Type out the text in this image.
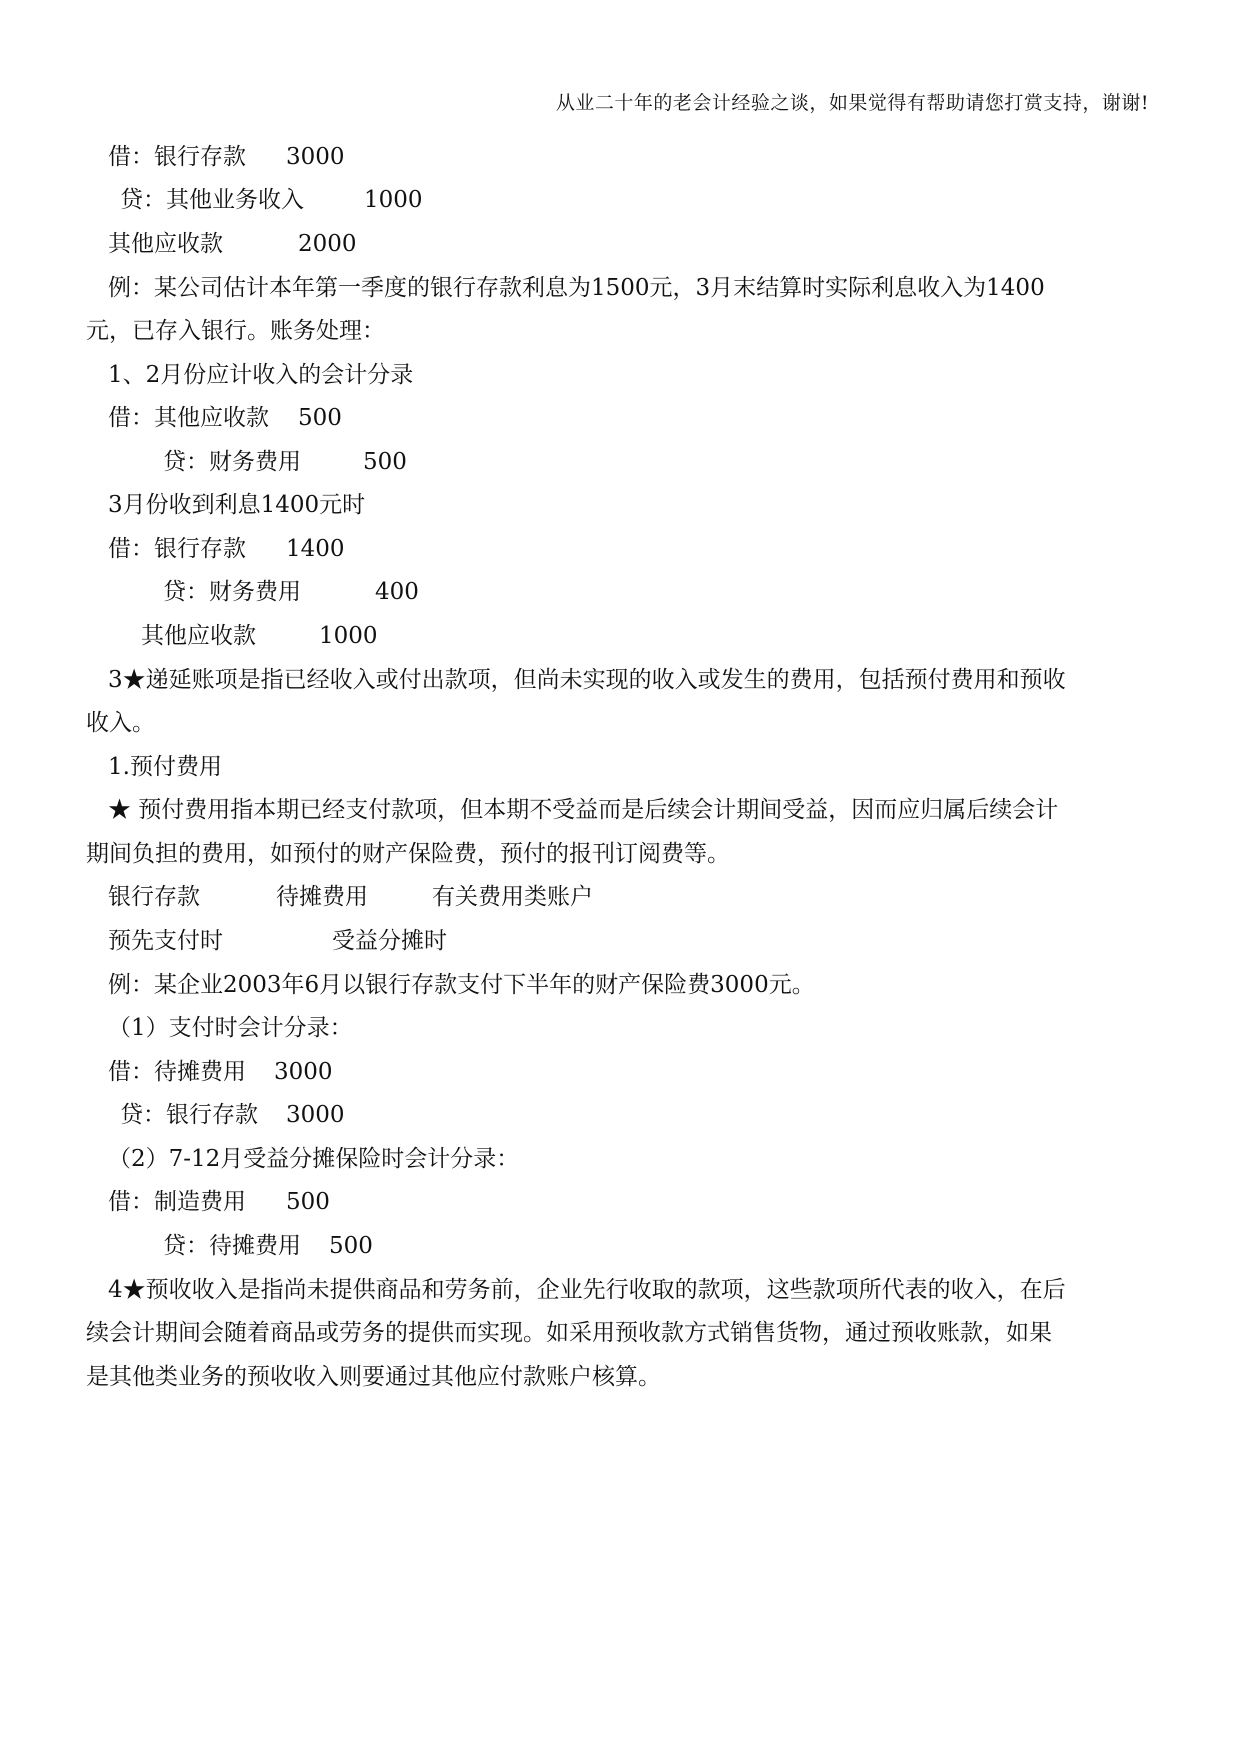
从业二十年的老会计经验之谈，如果觉得有帮助请您打赏支持，谢谢!
借：银行存款 3000
贷：其他业务收入	1000
其他应收款	2000
例：某公司估计本年第一季度的银行存款利息为1500元，3月末结算时实际利息收入为1400
元，已存入银行。账务处理：
1、2月份应计收入的会计分录
借：其他应收款 500
贷：财务费用	500
3月份收到利息1400元时
借：银行存款 1400
贷：财务费用	400
其他应收款	1000
3★递延账项是指已经收入或付出款项，但尚未实现的收入或发生的费用，包括预付费用和预收
收入。
1.预付费用
★ 预付费用指本期已经支付款项，但本期不受益而是后续会计期间受益，因而应归属后续会计
期间负担的费用，如预付的财产保险费，预付的报刊订阅费等。
银行存款	待摊费用	有关费用类账户
预先支付时	受益分摊时
例：某企业2003年6月以银行存款支付下半年的财产保险费3000元。
（1）支付时会计分录：
借：待摊费用 3000
贷：银行存款 3000
（2）7-12月受益分摊保险时会计分录：
借：制造费用 500
贷：待摊费用 500
4★预收收入是指尚未提供商品和劳务前，企业先行收取的款项，这些款项所代表的收入，在后
续会计期间会随着商品或劳务的提供而实现。如采用预收款方式销售货物，通过预收账款，如果
是其他类业务的预收收入则要通过其他应付款账户核算。
